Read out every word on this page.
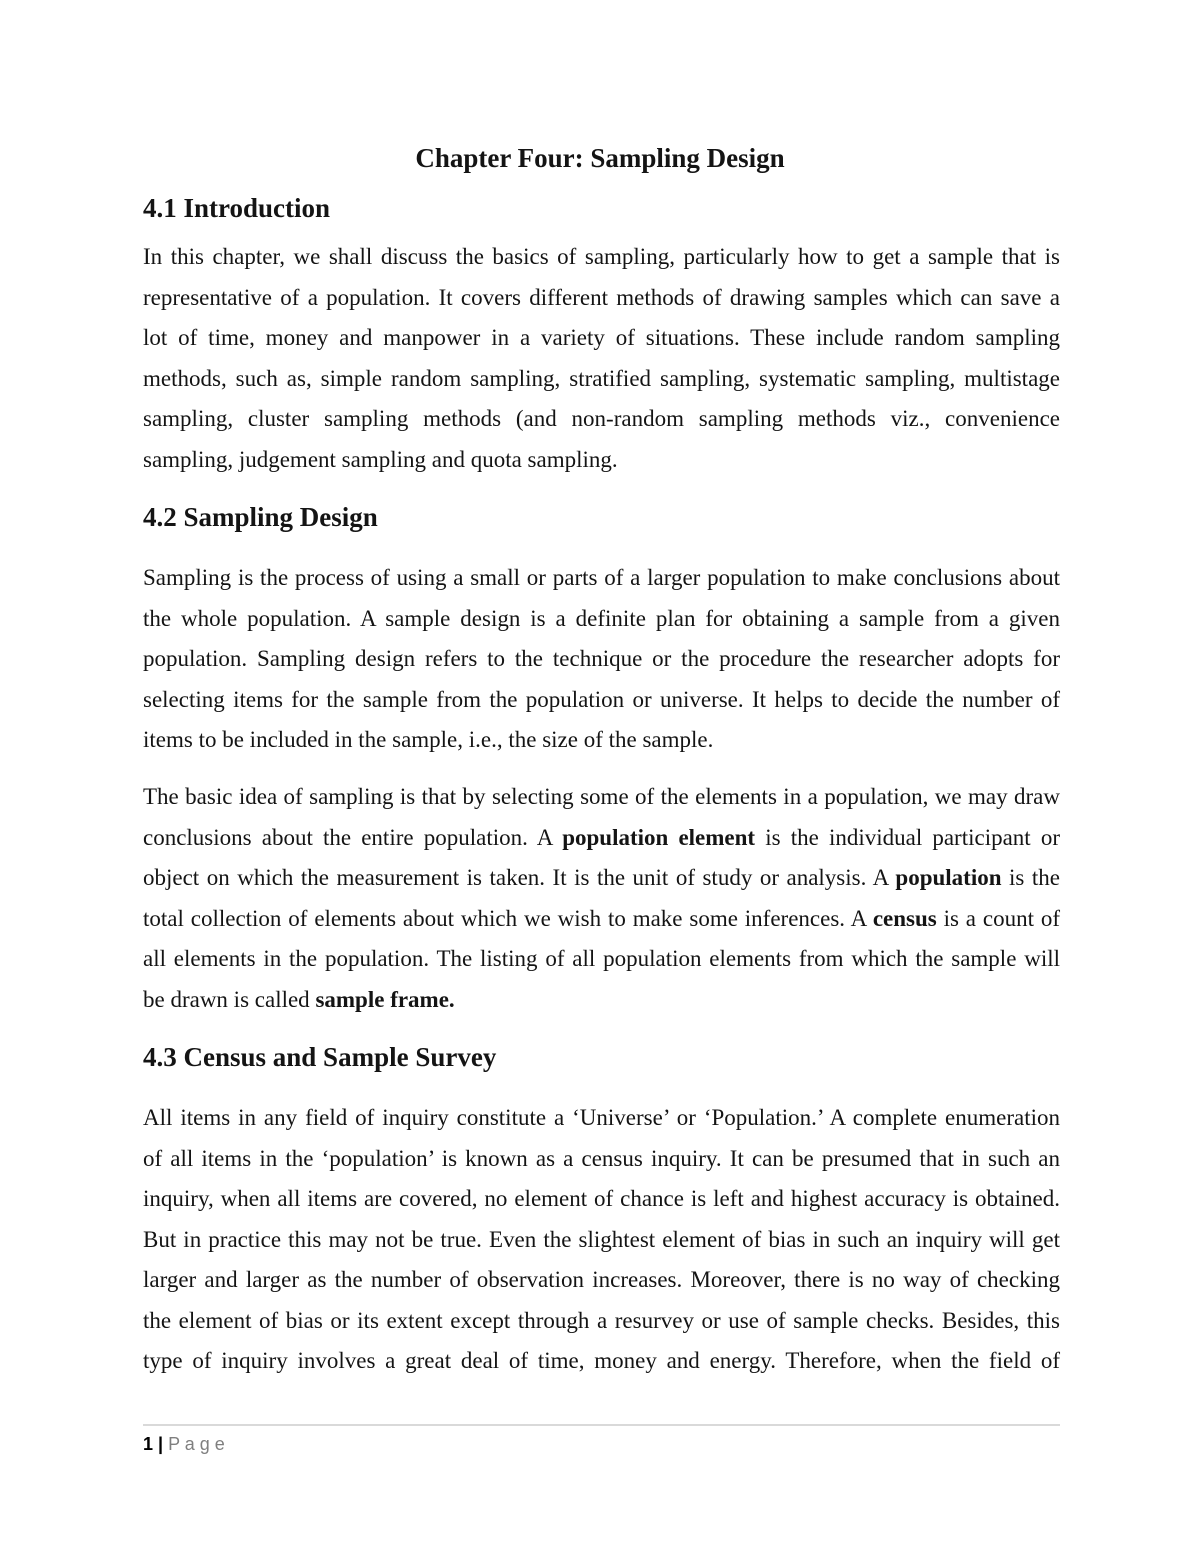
Chapter Four: Sampling Design
4.1 Introduction
In this chapter, we shall discuss the basics of sampling, particularly how to get a sample that is
representative of a population. It covers different methods of drawing samples which can save a
lot of time, money and manpower in a variety of situations. These include random sampling
methods, such as, simple random sampling, stratified sampling, systematic sampling, multistage
sampling, cluster sampling methods (and non-random sampling methods viz., convenience
sampling, judgement sampling and quota sampling.
4.2 Sampling Design
Sampling is the process of using a small or parts of a larger population to make conclusions about
the whole population. A sample design is a definite plan for obtaining a sample from a given
population. Sampling design refers to the technique or the procedure the researcher adopts for
selecting items for the sample from the population or universe. It helps to decide the number of
items to be included in the sample, i.e., the size of the sample.
The basic idea of sampling is that by selecting some of the elements in a population, we may draw
conclusions about the entire population. A population element is the individual participant or
object on which the measurement is taken. It is the unit of study or analysis. A population is the
total collection of elements about which we wish to make some inferences. A census is a count of
all elements in the population. The listing of all population elements from which the sample will
be drawn is called sample frame.
4.3 Census and Sample Survey
All items in any field of inquiry constitute a ‘Universe’ or ‘Population.’ A complete enumeration
of all items in the ‘population’ is known as a census inquiry. It can be presumed that in such an
inquiry, when all items are covered, no element of chance is left and highest accuracy is obtained.
But in practice this may not be true. Even the slightest element of bias in such an inquiry will get
larger and larger as the number of observation increases. Moreover, there is no way of checking
the element of bias or its extent except through a resurvey or use of sample checks. Besides, this
type of inquiry involves a great deal of time, money and energy. Therefore, when the field of
1 | P a g e
